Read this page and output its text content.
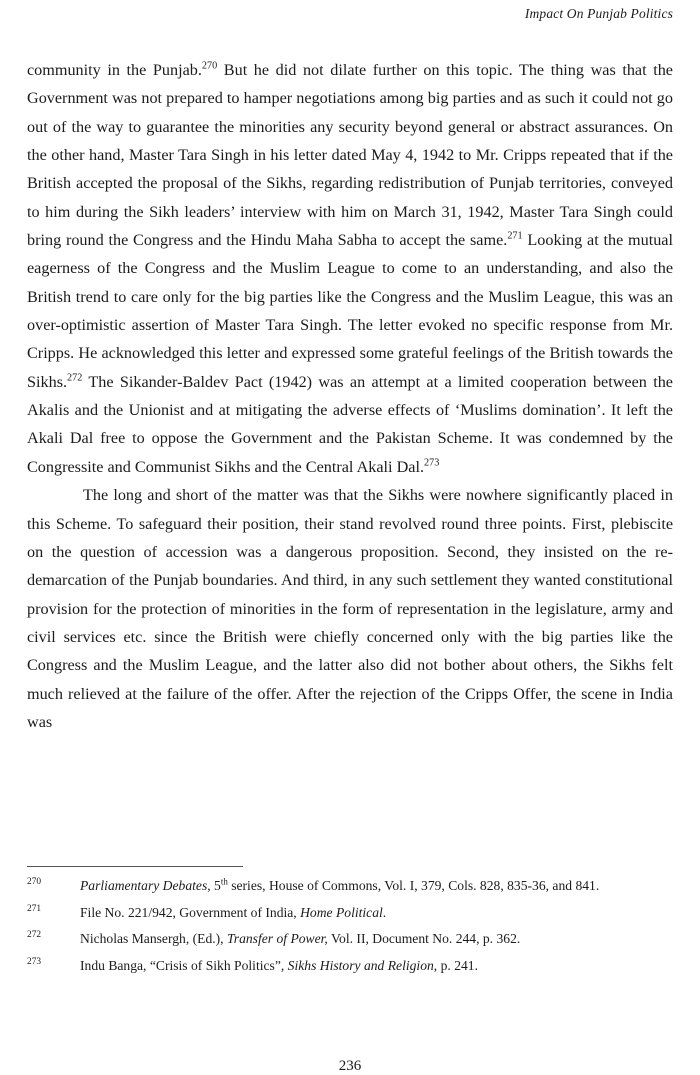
Impact On Punjab Politics

community in the Punjab.$^{270}$ But he did not dilate further on this topic. The thing was that the Government was not prepared to hamper negotiations among big parties and as such it could not go out of the way to guarantee the minorities any security beyond general or abstract assurances. On the other hand, Master Tara Singh in his letter dated May 4, 1942 to Mr. Cripps repeated that if the British accepted the proposal of the Sikhs, regarding redistribution of Punjab territories, conveyed to him during the Sikh leaders’ interview with him on March 31, 1942, Master Tara Singh could bring round the Congress and the Hindu Maha Sabha to accept the same.$^{271}$ Looking at the mutual eagerness of the Congress and the Muslim League to come to an understanding, and also the British trend to care only for the big parties like the Congress and the Muslim League, this was an over-optimistic assertion of Master Tara Singh. The letter evoked no specific response from Mr. Cripps. He acknowledged this letter and expressed some grateful feelings of the British towards the Sikhs.$^{272}$ The Sikander-Baldev Pact (1942) was an attempt at a limited cooperation between the Akalis and the Unionist and at mitigating the adverse effects of ‘Muslims domination’. It left the Akali Dal free to oppose the Government and the Pakistan Scheme. It was condemned by the Congressite and Communist Sikhs and the Central Akali Dal.$^{273}$

The long and short of the matter was that the Sikhs were nowhere significantly placed in this Scheme. To safeguard their position, their stand revolved round three points. First, plebiscite on the question of accession was a dangerous proposition. Second, they insisted on the re-demarcation of the Punjab boundaries. And third, in any such settlement they wanted constitutional provision for the protection of minorities in the form of representation in the legislature, army and civil services etc. since the British were chiefly concerned only with the big parties like the Congress and the Muslim League, and the latter also did not bother about others, the Sikhs felt much relieved at the failure of the offer. After the rejection of the Cripps Offer, the scene in India was

270	Parliamentary Debates, 5th series, House of Commons, Vol. I, 379, Cols. 828, 835-36, and 841.
271	File No. 221/942, Government of India, Home Political.
272	Nicholas Mansergh, (Ed.), Transfer of Power, Vol. II, Document No. 244, p. 362.
273	Indu Banga, “Crisis of Sikh Politics”, Sikhs History and Religion, p. 241.
236
